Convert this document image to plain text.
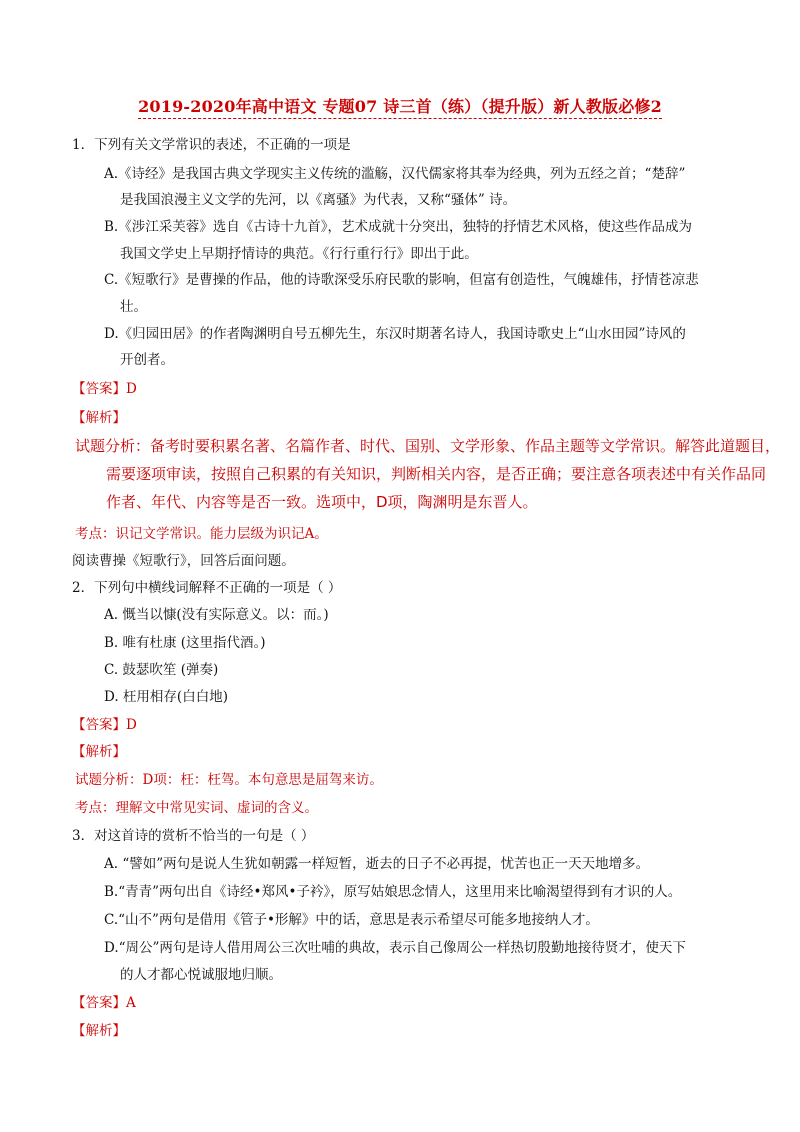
2019-2020年高中语文 专题07 诗三首（练）（提升版）新人教版必修2
1．下列有关文学常识的表述，不正确的一项是
A.《诗经》是我国古典文学现实主义传统的滥觞，汉代儒家将其奉为经典，列为五经之首；“楚辞”
是我国浪漫主义文学的先河，以《离骚》为代表，又称“骚体” 诗。
B.《涉江采芙蓉》选自《古诗十九首》，艺术成就十分突出，独特的抒情艺术风格，使这些作品成为
我国文学史上早期抒情诗的典范。《行行重行行》即出于此。
C.《短歌行》是曹操的作品，他的诗歌深受乐府民歌的影响，但富有创造性，气魄雄伟，抒情苍凉悲
壮。
D.《归园田居》的作者陶渊明自号五柳先生，东汉时期著名诗人，我国诗歌史上“山水田园”诗风的
开创者。
【答案】D
【解析】
试题分析：备考时要积累名著、名篇作者、时代、国别、文学形象、作品主题等文学常识。解答此道题目，
需要逐项审读，按照自己积累的有关知识，判断相关内容，是否正确；要注意各项表述中有关作品同
作者、年代、内容等是否一致。选项中，D项，陶渊明是东晋人。
考点：识记文学常识。能力层级为识记A。
阅读曹操《短歌行》，回答后面问题。
2．下列句中横线词解释不正确的一项是（ ）
A. 慨当以慷(没有实际意义。以：而。)
B. 唯有杜康 (这里指代酒。)
C. 鼓瑟吹笙 (弹奏)
D. 枉用相存(白白地)
【答案】D
【解析】
试题分析：D项：枉：枉驾。本句意思是屈驾来访。
考点：理解文中常见实词、虚词的含义。
3．对这首诗的赏析不恰当的一句是（ ）
A. “譬如”两句是说人生犹如朝露一样短暂，逝去的日子不必再提，忧苦也正一天天地增多。
B.“青青”两句出自《诗经•郑风•子衿》，原写姑娘思念情人，这里用来比喻渴望得到有才识的人。
C.“山不”两句是借用《管子•形解》中的话，意思是表示希望尽可能多地接纳人才。
D.“周公”两句是诗人借用周公三次吐哺的典故，表示自己像周公一样热切殷勤地接待贤才，使天下
的人才都心悦诚服地归顺。
【答案】A
【解析】
